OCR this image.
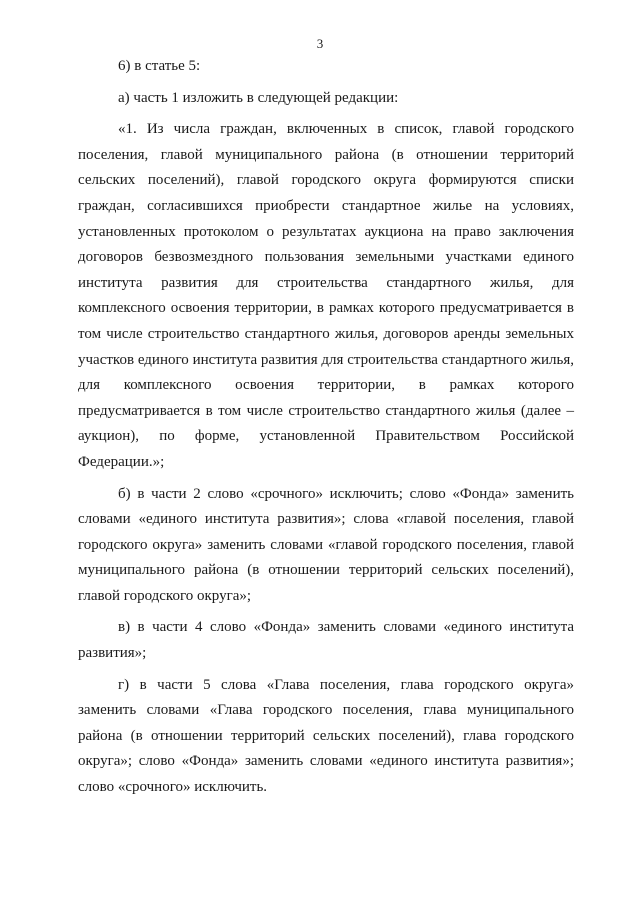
3

6) в статье 5:

а) часть 1 изложить в следующей редакции:

«1. Из числа граждан, включенных в список, главой городского поселения, главой муниципального района (в отношении территорий сельских поселений), главой городского округа формируются списки граждан, согласившихся приобрести стандартное жилье на условиях, установленных протоколом о результатах аукциона на право заключения договоров безвозмездного пользования земельными участками единого института развития для строительства стандартного жилья, для комплексного освоения территории, в рамках которого предусматривается в том числе строительство стандартного жилья, договоров аренды земельных участков единого института развития для строительства стандартного жилья, для комплексного освоения территории, в рамках которого предусматривается в том числе строительство стандартного жилья (далее – аукцион), по форме, установленной Правительством Российской Федерации.»;

б) в части 2 слово «срочного» исключить; слово «Фонда» заменить словами «единого института развития»; слова «главой поселения, главой городского округа» заменить словами «главой городского поселения, главой муниципального района (в отношении территорий сельских поселений), главой городского округа»;

в) в части 4 слово «Фонда» заменить словами «единого института развития»;

г) в части 5 слова «Глава поселения, глава городского округа» заменить словами «Глава городского поселения, глава муниципального района (в отношении территорий сельских поселений), глава городского округа»; слово «Фонда» заменить словами «единого института развития»; слово «срочного» исключить.
